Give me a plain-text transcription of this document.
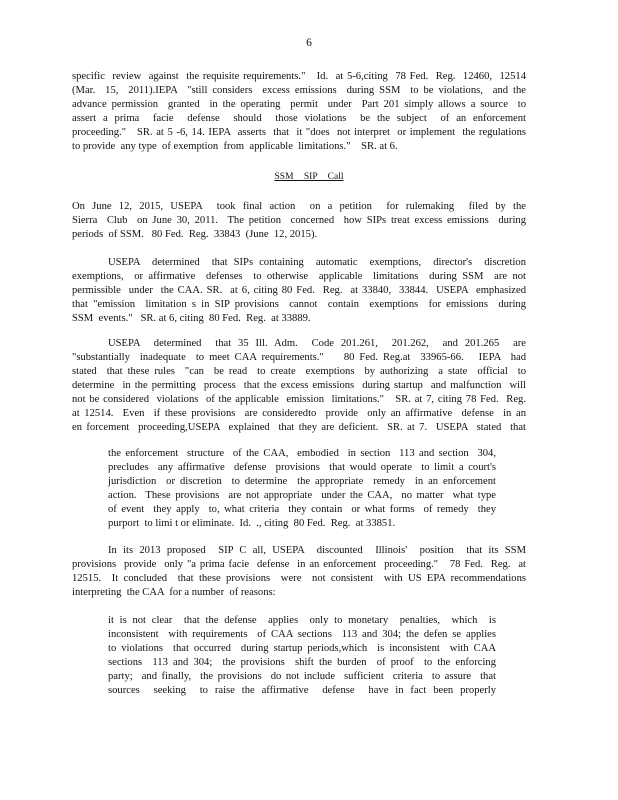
6
specific  review  against  the requisite requirements."   Id.  at 5-6,citing  78 Fed.  Reg.  12460,  12514
(Mar.  15,  2011).IEPA  "still considers  excess emissions  during SSM  to be violations,  and the
advance permission  granted  in the operating  permit  under  Part 201 simply allows a source  to
assert a prima  facie  defense  should  those violations  be the subject  of an enforcement
proceeding."   SR. at 5 -6, 14. IEPA  asserts  that  it "does  not interpret  or implement  the regulations
to provide  any type  of exemption  from  applicable  limitations."    SR. at 6.
SSM SIP Call
On June 12, 2015, USEPA  took final action  on a petition  for rulemaking  filed by the
Sierra  Club  on June 30, 2011.  The petition  concerned  how SIPs treat excess emissions  during
periods  of SSM.   80 Fed.  Reg.  33843  (June  12, 2015).
USEPA  determined  that SIPs containing  automatic  exemptions,  director's  discretion
exemptions,  or affirmative  defenses  to otherwise  applicable  limitations  during SSM  are not
permissible  under  the CAA. SR.  at 6, citing 80 Fed.  Reg.  at 33840,  33844.  USEPA  emphasized
that "emission  limitation s in SIP provisions  cannot  contain  exemptions  for emissions  during
SSM  events."   SR. at 6, citing  80 Fed.  Reg.  at 33889.
USEPA  determined  that 35 Ill. Adm.  Code 201.261,  201.262,  and 201.265  are
"substantially  inadequate  to meet CAA requirements."    80 Fed. Reg.at  33965-66.   IEPA  had
stated  that these rules  "can  be read  to create  exemptions  by authorizing  a state  official  to
determine  in the permitting  process  that the excess emissions  during startup  and malfunction  will
not be considered  violations  of the applicable  emission  limitations."   SR. at 7, citing 78 Fed.  Reg.
at 12514.  Even  if these provisions  are consideredto  provide  only an affirmative  defense  in an
en forcement  proceeding,USEPA  explained  that they are deficient.  SR. at 7.  USEPA  stated  that
the enforcement  structure  of the CAA,  embodied  in section  113 and section  304,
precludes  any affirmative  defense  provisions  that would operate  to limit a court's
jurisdiction  or discretion  to determine  the appropriate  remedy  in an enforcement
action.  These provisions  are not appropriate  under the CAA,  no matter  what type
of event  they apply  to, what criteria  they contain  or what forms  of remedy  they
purport  to limi t or eliminate.  Id.  ., citing  80 Fed.  Reg.  at 33851.
In its 2013 proposed  SIP C all, USEPA  discounted  Illinois'  position  that its SSM
provisions  provide  only "a prima facie  defense  in an enforcement  proceeding."   78 Fed.  Reg.  at
12515.  It concluded  that these provisions  were  not consistent  with US EPA recommendations
interpreting  the CAA  for a number  of reasons:
it is not clear  that the defense  applies  only to monetary  penalties,  which  is
inconsistent  with requirements  of CAA sections  113 and 304; the defen se applies
to violations  that occurred  during startup periods,which  is inconsistent  with CAA
sections  113 and 304;  the provisions  shift the burden  of proof  to the enforcing
party;  and finally,  the provisions  do not include  sufficient  criteria  to assure  that
sources  seeking  to raise the affirmative  defense  have in fact been properly
